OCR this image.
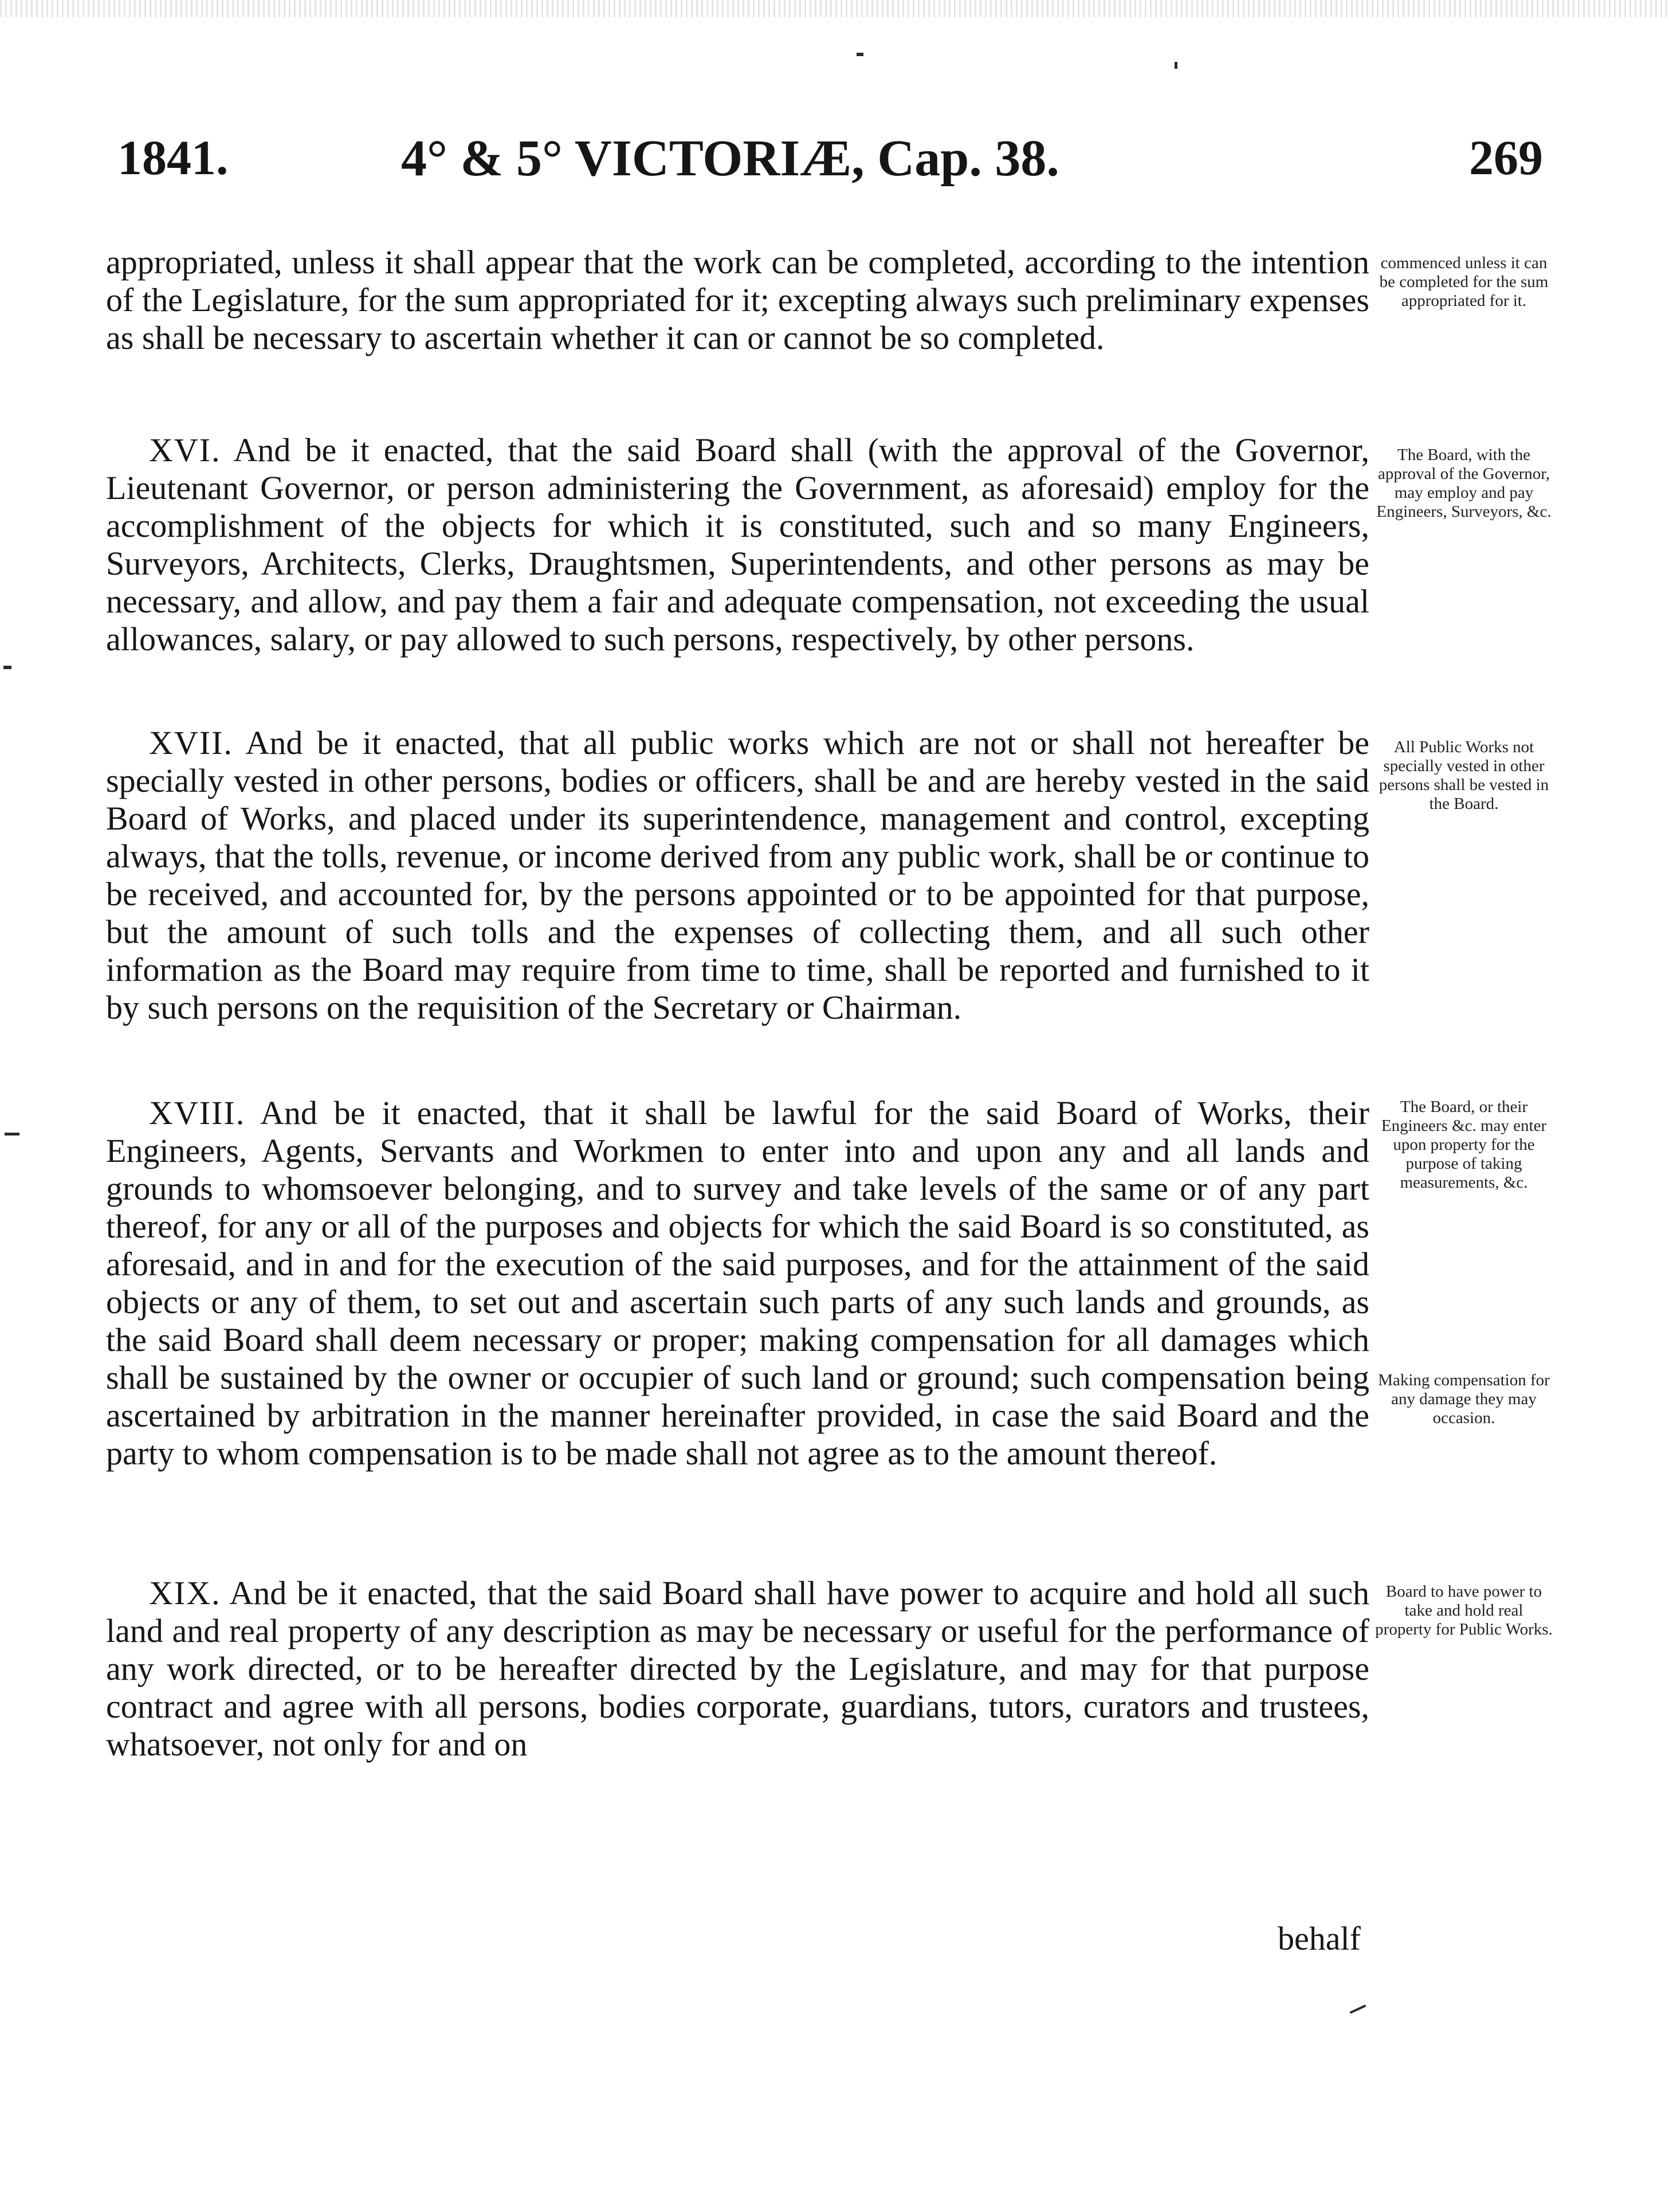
1841.	4° & 5° VICTORIÆ, Cap. 38.	269
appropriated, unless it shall appear that the work can be completed, according to the intention of the Legislature, for the sum appropriated for it; excepting always such preliminary expenses as shall be necessary to ascertain whether it can or cannot be so completed.
commenced unless it can be completed for the sum appropriated for it.
XVI. And be it enacted, that the said Board shall (with the approval of the Governor, Lieutenant Governor, or person administering the Government, as aforesaid) employ for the accomplishment of the objects for which it is constituted, such and so many Engineers, Surveyors, Architects, Clerks, Draughtsmen, Superintendents, and other persons as may be necessary, and allow, and pay them a fair and adequate compensation, not exceeding the usual allowances, salary, or pay allowed to such persons, respectively, by other persons.
The Board, with the approval of the Governor, may employ and pay Engineers, Surveyors, &c.
XVII. And be it enacted, that all public works which are not or shall not hereafter be specially vested in other persons, bodies or officers, shall be and are hereby vested in the said Board of Works, and placed under its superintendence, management and control, excepting always, that the tolls, revenue, or income derived from any public work, shall be or continue to be received, and accounted for, by the persons appointed or to be appointed for that purpose, but the amount of such tolls and the expenses of collecting them, and all such other information as the Board may require from time to time, shall be reported and furnished to it by such persons on the requisition of the Secretary or Chairman.
All Public Works not specially vested in other persons shall be vested in the Board.
XVIII. And be it enacted, that it shall be lawful for the said Board of Works, their Engineers, Agents, Servants and Workmen to enter into and upon any and all lands and grounds to whomsoever belonging, and to survey and take levels of the same or of any part thereof, for any or all of the purposes and objects for which the said Board is so constituted, as aforesaid, and in and for the execution of the said purposes, and for the attainment of the said objects or any of them, to set out and ascertain such parts of any such lands and grounds, as the said Board shall deem necessary or proper; making compensation for all damages which shall be sustained by the owner or occupier of such land or ground; such compensation being ascertained by arbitration in the manner hereinafter provided, in case the said Board and the party to whom compensation is to be made shall not agree as to the amount thereof.
The Board, or their Engineers &c. may enter upon property for the purpose of taking measurements, &c.
Making compensation for any damage they may occasion.
XIX. And be it enacted, that the said Board shall have power to acquire and hold all such land and real property of any description as may be necessary or useful for the performance of any work directed, or to be hereafter directed by the Legislature, and may for that purpose contract and agree with all persons, bodies corporate, guardians, tutors, curators and trustees, whatsoever, not only for and on
Board to have power to take and hold real property for Public Works.
behalf
